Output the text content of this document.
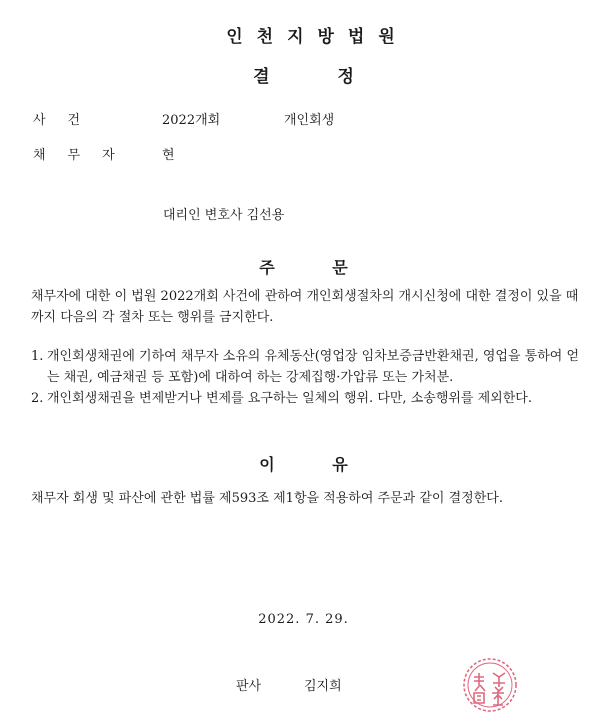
인천지방법원
결 정
사건	2022개회	개인회생
채무자 현
대리인 변호사 김선용
주 문
채무자에 대한 이 법원 2022개회 사건에 관하여 개인회생절차의 개시신청에 대한 결정이 있을 때까지 다음의 각 절차 또는 행위를 금지한다.
1. 개인회생채권에 기하여 채무자 소유의 유체동산(영업장 임차보증금반환채권, 영업을 통하여 얻는 채권, 예금채권 등 포함)에 대하여 하는 강제집행·가압류 또는 가처분.
2. 개인회생채권을 변제받거나 변제를 요구하는 일체의 행위. 다만, 소송행위를 제외한다.
이 유
채무자 회생 및 파산에 관한 법률 제593조 제1항을 적용하여 주문과 같이 결정한다.
2022. 7. 29.
판사	김지희
